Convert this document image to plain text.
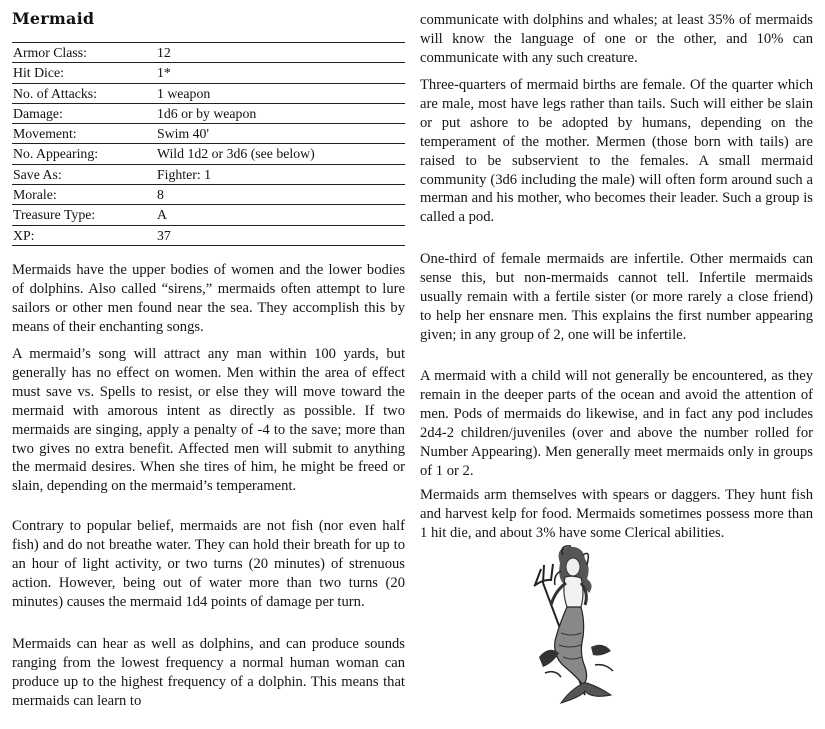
Mermaid
Armor Class:	12
Hit Dice:	1*
No. of Attacks:	1 weapon
Damage:	1d6 or by weapon
Movement:	Swim 40'
No. Appearing:	Wild 1d2 or 3d6 (see below)
Save As:	Fighter: 1
Morale:	8
Treasure Type:	A
XP:	37

Mermaids have the upper bodies of women and the lower bodies of dolphins. Also called “sirens,” mermaids often attempt to lure sailors or other men found near the sea. They accomplish this by means of their enchanting songs.

A mermaid’s song will attract any man within 100 yards, but generally has no effect on women. Men within the area of effect must save vs. Spells to resist, or else they will move toward the mermaid with amorous intent as directly as possible. If two mermaids are singing, apply a penalty of -4 to the save; more than two gives no extra benefit. Affected men will submit to anything the mermaid desires. When she tires of him, he might be freed or slain, depending on the mermaid’s temperament.

Contrary to popular belief, mermaids are not fish (nor even half fish) and do not breathe water. They can hold their breath for up to an hour of light activity, or two turns (20 minutes) of strenuous action. However, being out of water more than two turns (20 minutes) causes the mermaid 1d4 points of damage per turn.

Mermaids can hear as well as dolphins, and can produce sounds ranging from the lowest frequency a normal human woman can produce up to the highest frequency of a dolphin. This means that mermaids can learn to

communicate with dolphins and whales; at least 35% of mermaids will know the language of one or the other, and 10% can communicate with any such creature.

Three-quarters of mermaid births are female. Of the quarter which are male, most have legs rather than tails. Such will either be slain or put ashore to be adopted by humans, depending on the temperament of the mother. Mermen (those born with tails) are raised to be subservient to the females. A small mermaid community (3d6 including the male) will often form around such a merman and his mother, who becomes their leader. Such a group is called a pod.

One-third of female mermaids are infertile. Other mermaids can sense this, but non-mermaids cannot tell. Infertile mermaids usually remain with a fertile sister (or more rarely a close friend) to help her ensnare men. This explains the first number appearing given; in any group of 2, one will be infertile.

A mermaid with a child will not generally be encountered, as they remain in the deeper parts of the ocean and avoid the attention of men. Pods of mermaids do likewise, and in fact any pod includes 2d4-2 children/juveniles (over and above the number rolled for Number Appearing). Men generally meet mermaids only in groups of 1 or 2.

Mermaids arm themselves with spears or daggers. They hunt fish and harvest kelp for food. Mermaids sometimes possess more than 1 hit die, and about 3% have some Clerical abilities.
